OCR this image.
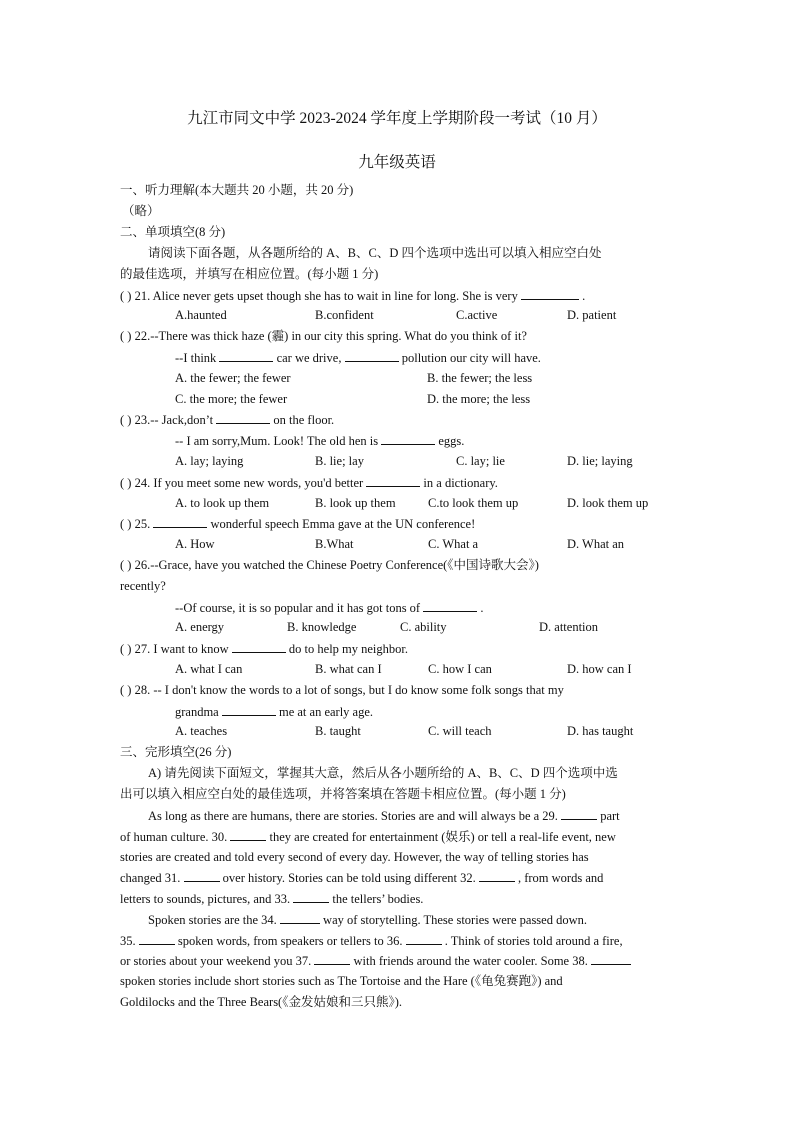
九江市同文中学 2023-2024 学年度上学期阶段一考试（10 月）
九年级英语
一、听力理解(本大题共 20 小题，共 20 分)
（略）
二、单项填空(8 分)
请阅读下面各题，从各题所给的 A、B、C、D 四个选项中选出可以填入相应空白处
的最佳选项，并填写在相应位置。(每小题 1 分)
( ) 21. Alice never gets upset though she has to wait in line for long. She is very	.
A.haunted	B.confident	C.active	D. patient
( ) 22.--There was thick haze (霾) in our city this spring. What do you think of it?
--I think	car we drive,	pollution our city will have.
A. the fewer; the fewer	B. the fewer; the less
C. the more; the fewer	D. the more; the less
( ) 23.-- Jack,don’t	on the floor.
-- I am sorry,Mum. Look! The old hen is	eggs.
A. lay; laying	B. lie; lay	C. lay; lie	D. lie; laying
( ) 24. If you meet some new words, you'd better	in a dictionary.
A. to look up them	B. look up them	C.to look them up	D. look them up
( ) 25.	wonderful speech Emma gave at the UN conference!
A. How	B.What	C. What a	D. What an
( ) 26.--Grace, have you watched the Chinese Poetry Conference(《中国诗歌大会》)
recently?
--Of course, it is so popular and it has got tons of	.
A. energy	B. knowledge	C. ability	D. attention
( ) 27. I want to know	do to help my neighbor.
A. what I can	B. what can I	C. how I can	D. how can I
( ) 28. -- I don't know the words to a lot of songs, but I do know some folk songs that my
grandma	me at an early age.
A. teaches	B. taught	C. will teach	D. has taught
三、完形填空(26 分)
A) 请先阅读下面短文，掌握其大意，然后从各小题所给的 A、B、C、D 四个选项中选
出可以填入相应空白处的最佳选项，并将答案填在答题卡相应位置。(每小题 1 分)
As long as there are humans, there are stories. Stories are and will always be a 29.	part
of human culture. 30.	they are created for entertainment (娱乐) or tell a real-life event, new
stories are created and told every second of every day. However, the way of telling stories has
changed 31.	over history. Stories can be told using different 32.	, from words and
letters to sounds, pictures, and 33.	the tellers’ bodies.
Spoken stories are the 34.	way of storytelling. These stories were passed down.
35.	spoken words, from speakers or tellers to 36.	. Think of stories told around a fire,
or stories about your weekend you 37.	with friends around the water cooler. Some 38.
spoken stories include short stories such as The Tortoise and the Hare (《龟兔赛跑》) and
Goldilocks and the Three Bears(《金发姑娘和三只熊》).
